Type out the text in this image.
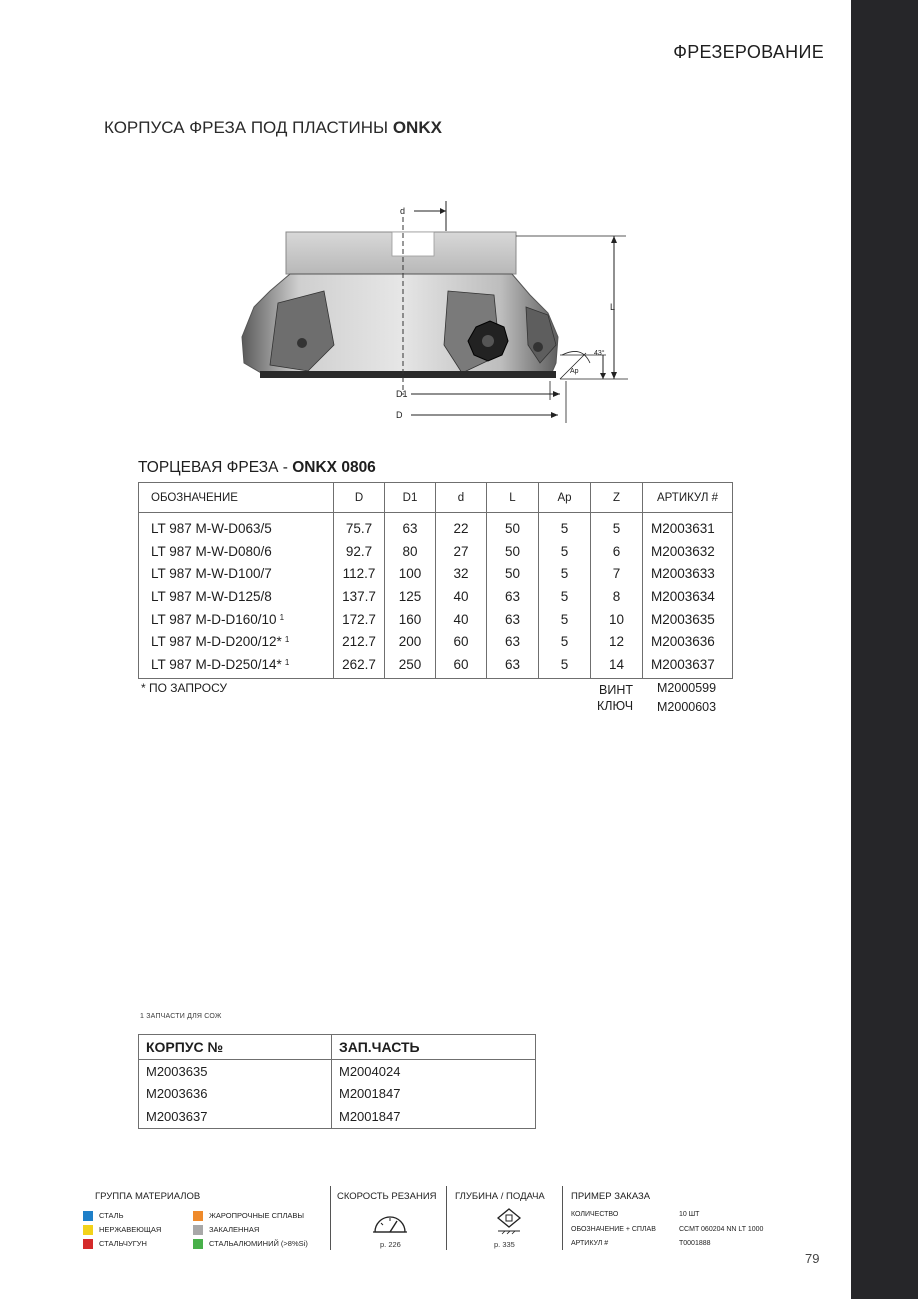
ФРЕЗЕРОВАНИЕ
КОРПУСА ФРЕЗА ПОД ПЛАСТИНЫ ONKX
d
L
Ap
43°
D1
D
ТОРЦЕВАЯ ФРЕЗА - ONKX 0806
ОБОЗНАЧЕНИЕ	D	D1	d	L	Ap	Z	АРТИКУЛ #
LT 987 M-W-D063/5	75.7	63	22	50	5	5	M2003631
LT 987 M-W-D080/6	92.7	80	27	50	5	6	M2003632
LT 987 M-W-D100/7	112.7	100	32	50	5	7	M2003633
LT 987 M-W-D125/8	137.7	125	40	63	5	8	M2003634
LT 987 M-D-D160/10 $^1$	172.7	160	40	63	5	10	M2003635
LT 987 M-D-D200/12* $^1$	212.7	200	60	63	5	12	M2003636
LT 987 M-D-D250/14* $^1$	262.7	250	60	63	5	14	M2003637
* ПО ЗАПРОСУ	ВИНТ M2000599
КЛЮЧ M2000603
1 ЗАПЧАСТИ ДЛЯ СОЖ
КОРПУС №	ЗАП.ЧАСТЬ
M2003635	M2004024
M2003636	M2001847
M2003637	M2001847
ГРУППА МАТЕРИАЛОВ
СТАЛЬ
НЕРЖАВЕЮЩАЯ
СТАЛЬЧУГУН
ЖАРОПРОЧНЫЕ СПЛАВЫ
ЗАКАЛЕННАЯ
СТАЛЬАЛЮМИНИЙ (>8%Si)
СКОРОСТЬ РЕЗАНИЯ
p. 226
ГЛУБИНА / ПОДАЧА
p. 335
ПРИМЕР ЗАКАЗА
КОЛИЧЕСТВО	10 ШТ
ОБОЗНАЧЕНИЕ + СПЛАВ	CCMT 060204 NN LT 1000
АРТИКУЛ #	T0001888
79
